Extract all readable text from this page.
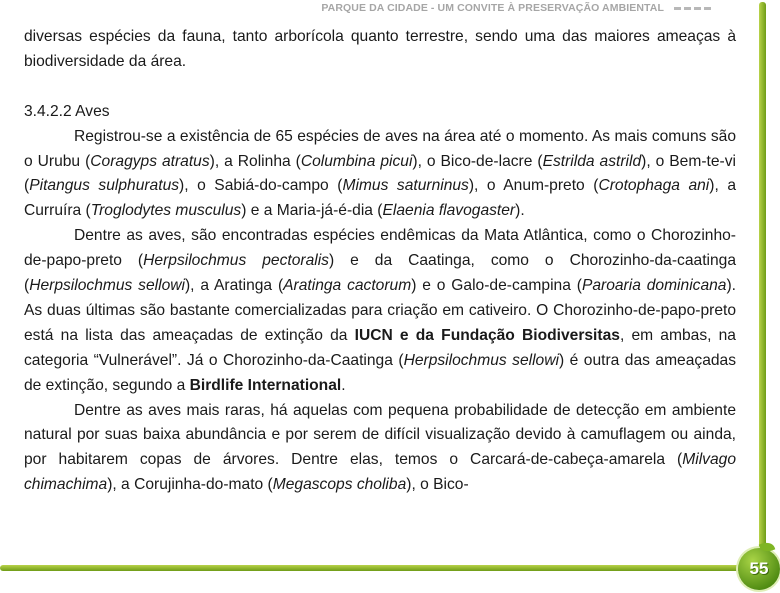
PARQUE DA CIDADE - UM CONVITE À PRESERVAÇÃO AMBIENTAL
55

diversas espécies da fauna, tanto arborícola quanto terrestre, sendo uma das maiores ameaças à biodiversidade da área.

3.4.2.2 Aves

Registrou-se a existência de 65 espécies de aves na área até o momento. As mais comuns são o Urubu (Coragyps atratus), a Rolinha (Columbina picui), o Bico-de-lacre (Estrilda astrild), o Bem-te-vi (Pitangus sulphuratus), o Sabiá-do-campo (Mimus saturninus), o Anum-preto (Crotophaga ani), a Curruíra (Troglodytes musculus) e a Maria-já-é-dia (Elaenia flavogaster).

Dentre as aves, são encontradas espécies endêmicas da Mata Atlântica, como o Chorozinho-de-papo-preto (Herpsilochmus pectoralis) e da Caatinga, como o Chorozinho-da-caatinga (Herpsilochmus sellowi), a Aratinga (Aratinga cactorum) e o Galo-de-campina (Paroaria dominicana). As duas últimas são bastante comercializadas para criação em cativeiro. O Chorozinho-de-papo-preto está na lista das ameaçadas de extinção da IUCN e da Fundação Biodiversitas, em ambas, na categoria “Vulnerável”. Já o Chorozinho-da-Caatinga (Herpsilochmus sellowi) é outra das ameaçadas de extinção, segundo a Birdlife International.

Dentre as aves mais raras, há aquelas com pequena probabilidade de detecção em ambiente natural por suas baixa abundância e por serem de difícil visualização devido à camuflagem ou ainda, por habitarem copas de árvores. Dentre elas, temos o Carcará-de-cabeça-amarela (Milvago chimachima), a Corujinha-do-mato (Megascops choliba), o Bico-
